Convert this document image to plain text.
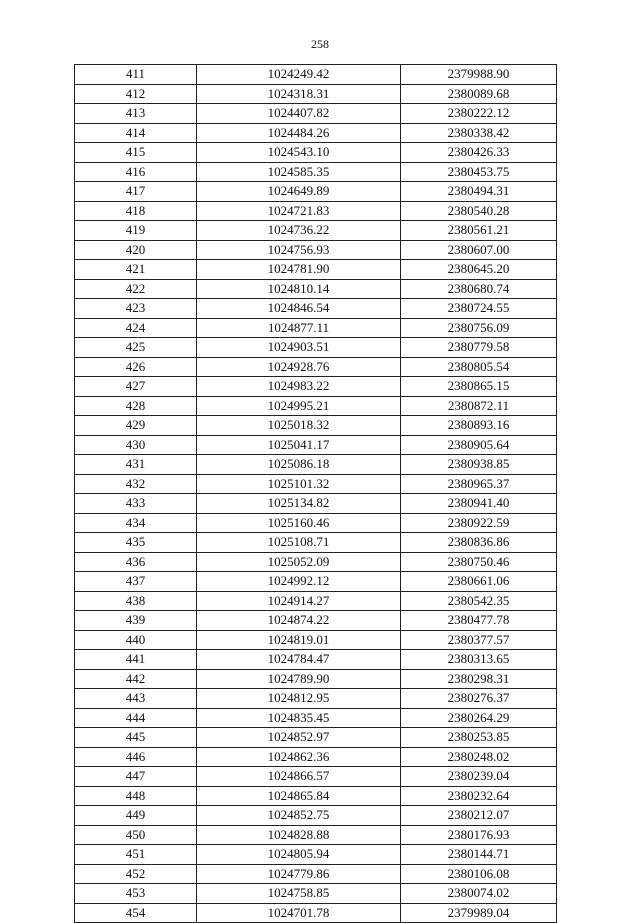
258
411	1024249.42	2379988.90
412	1024318.31	2380089.68
413	1024407.82	2380222.12
414	1024484.26	2380338.42
415	1024543.10	2380426.33
416	1024585.35	2380453.75
417	1024649.89	2380494.31
418	1024721.83	2380540.28
419	1024736.22	2380561.21
420	1024756.93	2380607.00
421	1024781.90	2380645.20
422	1024810.14	2380680.74
423	1024846.54	2380724.55
424	1024877.11	2380756.09
425	1024903.51	2380779.58
426	1024928.76	2380805.54
427	1024983.22	2380865.15
428	1024995.21	2380872.11
429	1025018.32	2380893.16
430	1025041.17	2380905.64
431	1025086.18	2380938.85
432	1025101.32	2380965.37
433	1025134.82	2380941.40
434	1025160.46	2380922.59
435	1025108.71	2380836.86
436	1025052.09	2380750.46
437	1024992.12	2380661.06
438	1024914.27	2380542.35
439	1024874.22	2380477.78
440	1024819.01	2380377.57
441	1024784.47	2380313.65
442	1024789.90	2380298.31
443	1024812.95	2380276.37
444	1024835.45	2380264.29
445	1024852.97	2380253.85
446	1024862.36	2380248.02
447	1024866.57	2380239.04
448	1024865.84	2380232.64
449	1024852.75	2380212.07
450	1024828.88	2380176.93
451	1024805.94	2380144.71
452	1024779.86	2380106.08
453	1024758.85	2380074.02
454	1024701.78	2379989.04
